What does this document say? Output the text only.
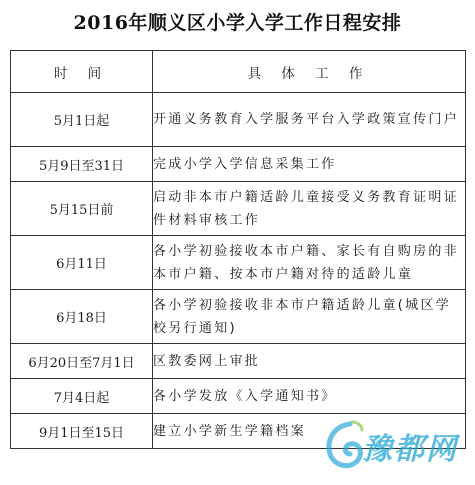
2016年顺义区小学入学工作日程安排
时 间	具 体 工 作
5月1日起	开通义务教育入学服务平台入学政策宣传门户
5月9日至31日	完成小学入学信息采集工作
5月15日前	启动非本市户籍适龄儿童接受义务教育证明证件材料审核工作
6月11日	各小学初验接收本市户籍、家长有自购房的非本市户籍、按本市户籍对待的适龄儿童
6月18日	各小学初验接收非本市户籍适龄儿童(城区学校另行通知)
6月20日至7月1日	区教委网上审批
7月4日起	各小学发放《入学通知书》
9月1日至15日	建立小学新生学籍档案
豫都网
